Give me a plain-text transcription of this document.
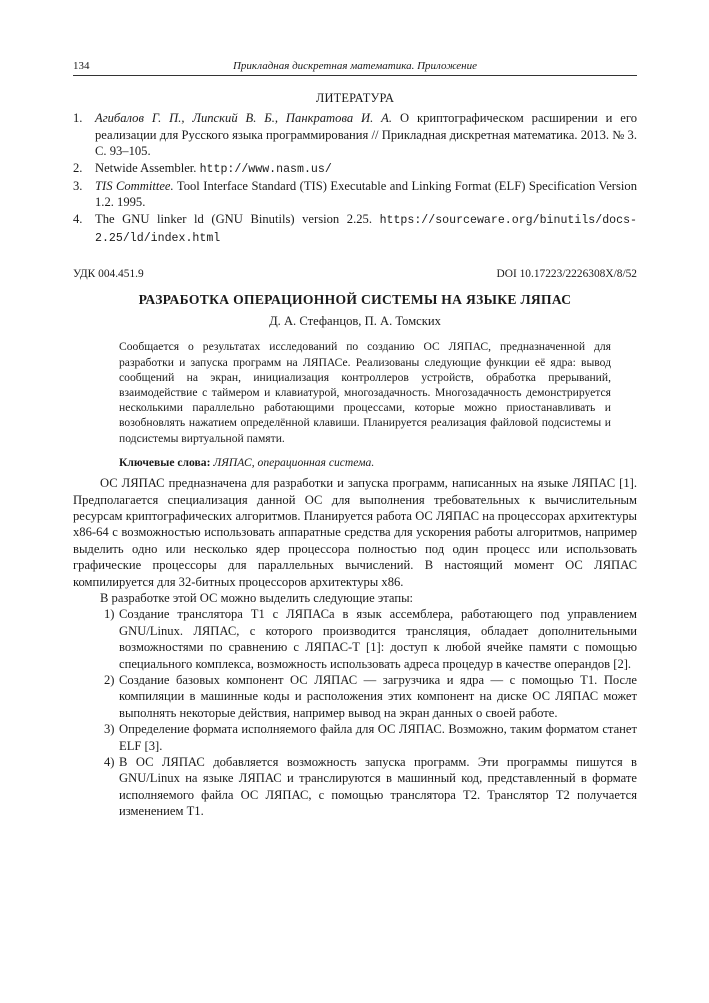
134	Прикладная дискретная математика. Приложение
ЛИТЕРАТУРА
1. Агибалов Г. П., Липский В. Б., Панкратова И. А. О криптографическом расширении и его реализации для Русского языка программирования // Прикладная дискретная математика. 2013. № 3. С. 93–105.
2. Netwide Assembler. http://www.nasm.us/
3. TIS Committee. Tool Interface Standard (TIS) Executable and Linking Format (ELF) Specification Version 1.2. 1995.
4. The GNU linker ld (GNU Binutils) version 2.25. https://sourceware.org/binutils/docs-2.25/ld/index.html
УДК 004.451.9	DOI 10.17223/2226308X/8/52
РАЗРАБОТКА ОПЕРАЦИОННОЙ СИСТЕМЫ НА ЯЗЫКЕ ЛЯПАС
Д. А. Стефанцов, П. А. Томских
Сообщается о результатах исследований по созданию ОС ЛЯПАС, предназначенной для разработки и запуска программ на ЛЯПАСе. Реализованы следующие функции её ядра: вывод сообщений на экран, инициализация контроллеров устройств, обработка прерываний, взаимодействие с таймером и клавиатурой, многозадачность. Многозадачность демонстрируется несколькими параллельно работающими процессами, которые можно приостанавливать и возобновлять нажатием определённой клавиши. Планируется реализация файловой подсистемы и подсистемы виртуальной памяти.
Ключевые слова: ЛЯПАС, операционная система.

ОС ЛЯПАС предназначена для разработки и запуска программ, написанных на языке ЛЯПАС [1]. Предполагается специализация данной ОС для выполнения требовательных к вычислительным ресурсам криптографических алгоритмов. Планируется работа ОС ЛЯПАС на процессорах архитектуры x86-64 с возможностью использовать аппаратные средства для ускорения работы алгоритмов, например выделить одно или несколько ядер процессора полностью под один процесс или использовать графические процессоры для параллельных вычислений. В настоящий момент ОС ЛЯПАС компилируется для 32-битных процессоров архитектуры x86.

В разработке этой ОС можно выделить следующие этапы:

1) Создание транслятора Т1 с ЛЯПАСа в язык ассемблера, работающего под управлением GNU/Linux. ЛЯПАС, с которого производится трансляция, обладает дополнительными возможностями по сравнению с ЛЯПАС-Т [1]: доступ к любой ячейке памяти с помощью специального комплекса, возможность использовать адреса процедур в качестве операндов [2].
2) Создание базовых компонент ОС ЛЯПАС — загрузчика и ядра — с помощью Т1. После компиляции в машинные коды и расположения этих компонент на диске ОС ЛЯПАС может выполнять некоторые действия, например вывод на экран данных о своей работе.
3) Определение формата исполняемого файла для ОС ЛЯПАС. Возможно, таким форматом станет ELF [3].
4) В ОС ЛЯПАС добавляется возможность запуска программ. Эти программы пишутся в GNU/Linux на языке ЛЯПАС и транслируются в машинный код, представленный в формате исполняемого файла ОС ЛЯПАС, с помощью транслятора Т2. Транслятор Т2 получается изменением Т1.
